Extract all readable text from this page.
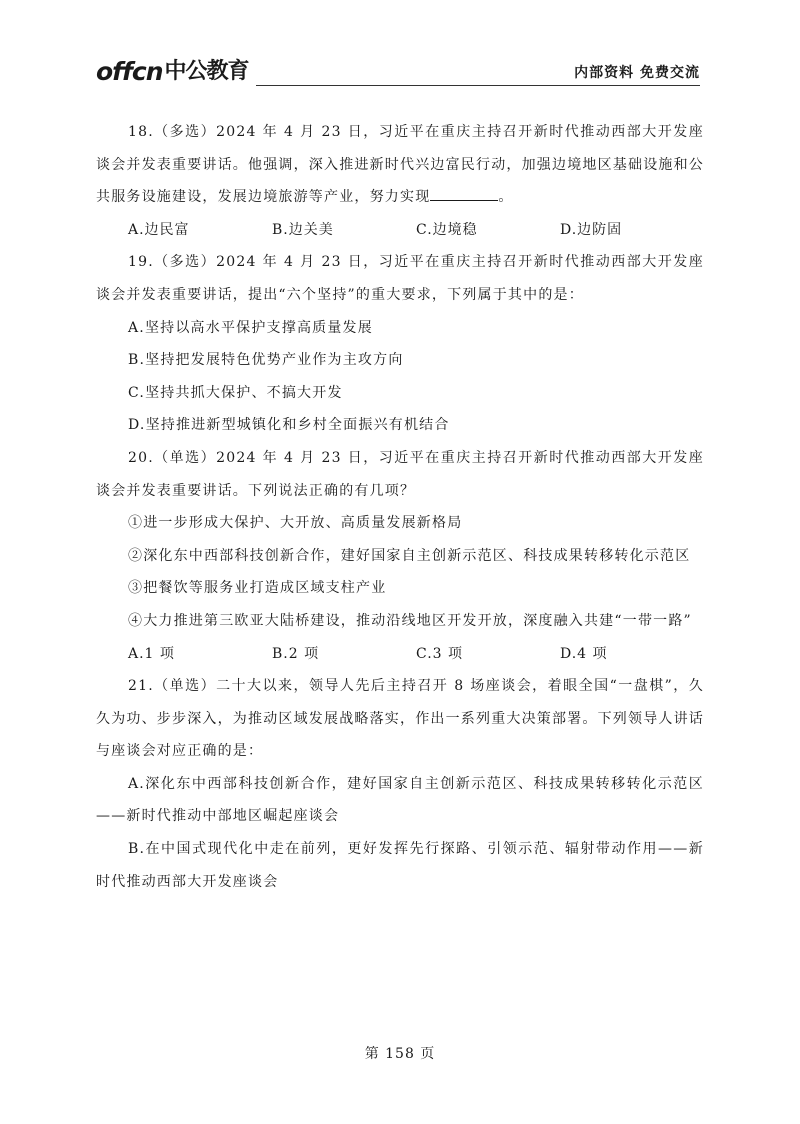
offcn 中公教育	内部资料 免费交流

18.（多选）2024 年 4 月 23 日，习近平在重庆主持召开新时代推动西部大开发座谈会并发表重要讲话。他强调，深入推进新时代兴边富民行动，加强边境地区基础设施和公共服务设施建设，发展边境旅游等产业，努力实现	。

A.边民富	B.边关美	C.边境稳	D.边防固

19.（多选）2024 年 4 月 23 日，习近平在重庆主持召开新时代推动西部大开发座谈会并发表重要讲话，提出“六个坚持”的重大要求，下列属于其中的是：

A.坚持以高水平保护支撑高质量发展

B.坚持把发展特色优势产业作为主攻方向

C.坚持共抓大保护、不搞大开发

D.坚持推进新型城镇化和乡村全面振兴有机结合

20.（单选）2024 年 4 月 23 日，习近平在重庆主持召开新时代推动西部大开发座谈会并发表重要讲话。下列说法正确的有几项？

①进一步形成大保护、大开放、高质量发展新格局

②深化东中西部科技创新合作，建好国家自主创新示范区、科技成果转移转化示范区

③把餐饮等服务业打造成区域支柱产业

④大力推进第三欧亚大陆桥建设，推动沿线地区开发开放，深度融入共建“一带一路”

A.1 项	B.2 项	C.3 项	D.4 项

21.（单选）二十大以来，领导人先后主持召开 8 场座谈会，着眼全国“一盘棋”，久久为功、步步深入，为推动区域发展战略落实，作出一系列重大决策部署。下列领导人讲话与座谈会对应正确的是：

A.深化东中西部科技创新合作，建好国家自主创新示范区、科技成果转移转化示范区——新时代推动中部地区崛起座谈会

B.在中国式现代化中走在前列，更好发挥先行探路、引领示范、辐射带动作用——新时代推动西部大开发座谈会

第 158 页
